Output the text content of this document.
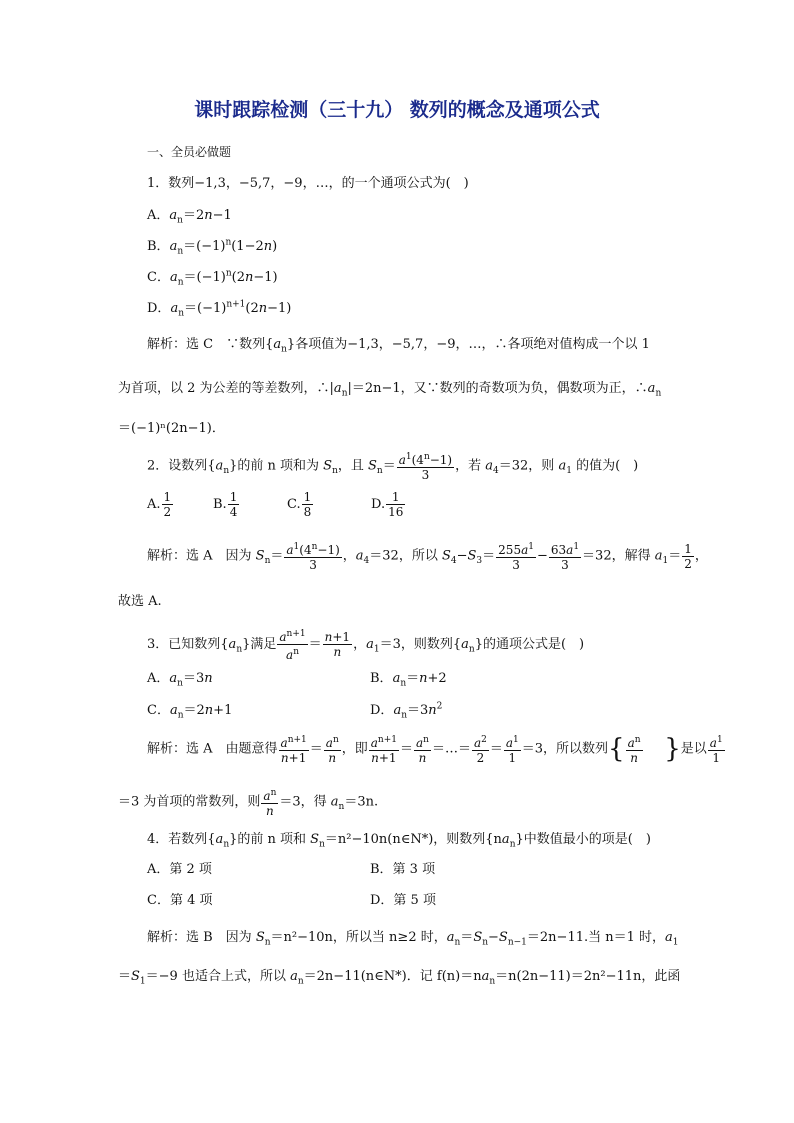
课时跟踪检测（三十九） 数列的概念及通项公式
一、全员必做题
1．数列−1,3，−5,7，−9，…，的一个通项公式为(　)
A．$a_n=2n-1$
B．$a_n=(-1)^n(1-2n)$
C．$a_n=(-1)^n(2n-1)$
D．$a_n=(-1)^{n+1}(2n-1)$
解析：选 C　∵数列$\{a_n\}$各项值为−1,3，−5,7，−9，…，∴各项绝对值构成一个以 1
为首项，以 2 为公差的等差数列，$\therefore|a_n|=2n-1$，又∵数列的奇数项为负，偶数项为正，$\therefore a_n$
＝(−1)ⁿ(2n−1)．
2．设数列$\{a_n\}$的前 n 项和为 $S_n$，且 $S_n= \frac{a^1(4^n-1)}{3}$ ，若 $a_4=32$，则 $a_1$ 的值为(　)
A. $\frac{1}{2}$	B. $\frac{1}{4}$	C. $\frac{1}{8}$	D. $\frac{1}{16}$
解析：选 A　因为 $S_n= \frac{a^1(4^n-1)}{3}$ ，$a_4=32$，所以 $S_4-S_3= \frac{255a^1}{3} - \frac{63a^1}{3} =32$，解得 $a_1= \frac{1}{2}$ ，
故选 A.
3．已知数列$\{a_n\}$满足 $\frac{a^{n+1}}{a^n} = \frac{n+1}{n}$ ，$a_1=3$，则数列$\{a_n\}$的通项公式是(　)
A．$a_n=3n$	B．$a_n=n+2$
C．$a_n=2n+1$	D．$a_n=3n^2$
解析：选 A　由题意得 $\frac{a^{n+1}}{n+1} = \frac{a^n}{n}$ ，即 $\frac{a^{n+1}}{n+1} = \frac{a^n}{n}$ ＝…＝ $\frac{a^2}{2} = \frac{a^1}{1} =3$，所以数列{ $\frac{a^n}{n}$ }是以 $\frac{a^1}{1}$
＝3 为首项的常数列，则 $\frac{a^n}{n} =3$，得 $a_n=3n$.
4．若数列$\{a_n\}$的前 n 项和 $S_n=n^2-10n(n\in N*)$，则数列$\{na_n\}$中数值最小的项是(　)
A．第 2 项	B．第 3 项
C．第 4 项	D．第 5 项
解析：选 B　因为 $S_n=n^2-10n$，所以当 n≥2 时，$a_n=S_n-S_{n-1}=2n-11$.当 n＝1 时，$a_1$
$=S_1=-9$ 也适合上式，所以 $a_n=2n-11(n\in N*)$．记 $f(n)=na_n=n(2n-11)=2n^2-11n$，此函
